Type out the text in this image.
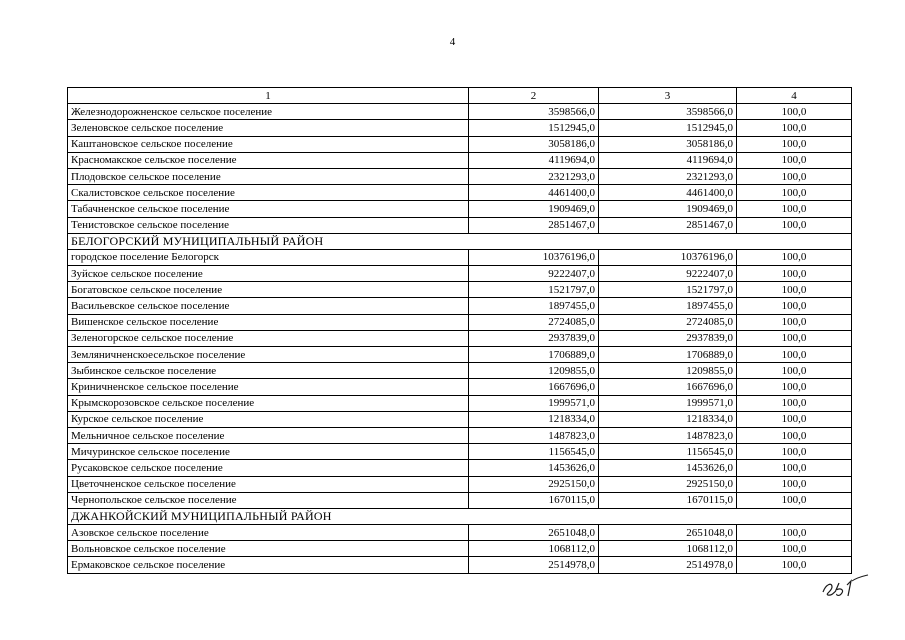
4
1	2	3	4
Железнодорожненское сельское поселение	3598566,0	3598566,0	100,0
Зеленовское сельское поселение	1512945,0	1512945,0	100,0
Каштановское сельское поселение	3058186,0	3058186,0	100,0
Красномакское сельское поселение	4119694,0	4119694,0	100,0
Плодовское сельское поселение	2321293,0	2321293,0	100,0
Скалистовское сельское поселение	4461400,0	4461400,0	100,0
Табачненское сельское поселение	1909469,0	1909469,0	100,0
Тенистовское сельское поселение	2851467,0	2851467,0	100,0
БЕЛОГОРСКИЙ МУНИЦИПАЛЬНЫЙ РАЙОН			
городское поселение Белогорск	10376196,0	10376196,0	100,0
Зуйское сельское поселение	9222407,0	9222407,0	100,0
Богатовское сельское поселение	1521797,0	1521797,0	100,0
Васильевское сельское поселение	1897455,0	1897455,0	100,0
Вишенское сельское поселение	2724085,0	2724085,0	100,0
Зеленогорское сельское поселение	2937839,0	2937839,0	100,0
Земляничненскоесельское поселение	1706889,0	1706889,0	100,0
Зыбинское сельское поселение	1209855,0	1209855,0	100,0
Криничненское сельское поселение	1667696,0	1667696,0	100,0
Крымскорозовское сельское поселение	1999571,0	1999571,0	100,0
Курское сельское поселение	1218334,0	1218334,0	100,0
Мельничное сельское поселение	1487823,0	1487823,0	100,0
Мичуринское сельское поселение	1156545,0	1156545,0	100,0
Русаковское сельское поселение	1453626,0	1453626,0	100,0
Цветочненское сельское поселение	2925150,0	2925150,0	100,0
Чернопольское сельское поселение	1670115,0	1670115,0	100,0
ДЖАНКОЙСКИЙ МУНИЦИПАЛЬНЫЙ РАЙОН			
Азовское сельское поселение	2651048,0	2651048,0	100,0
Вольновское сельское поселение	1068112,0	1068112,0	100,0
Ермаковское сельское поселение	2514978,0	2514978,0	100,0
